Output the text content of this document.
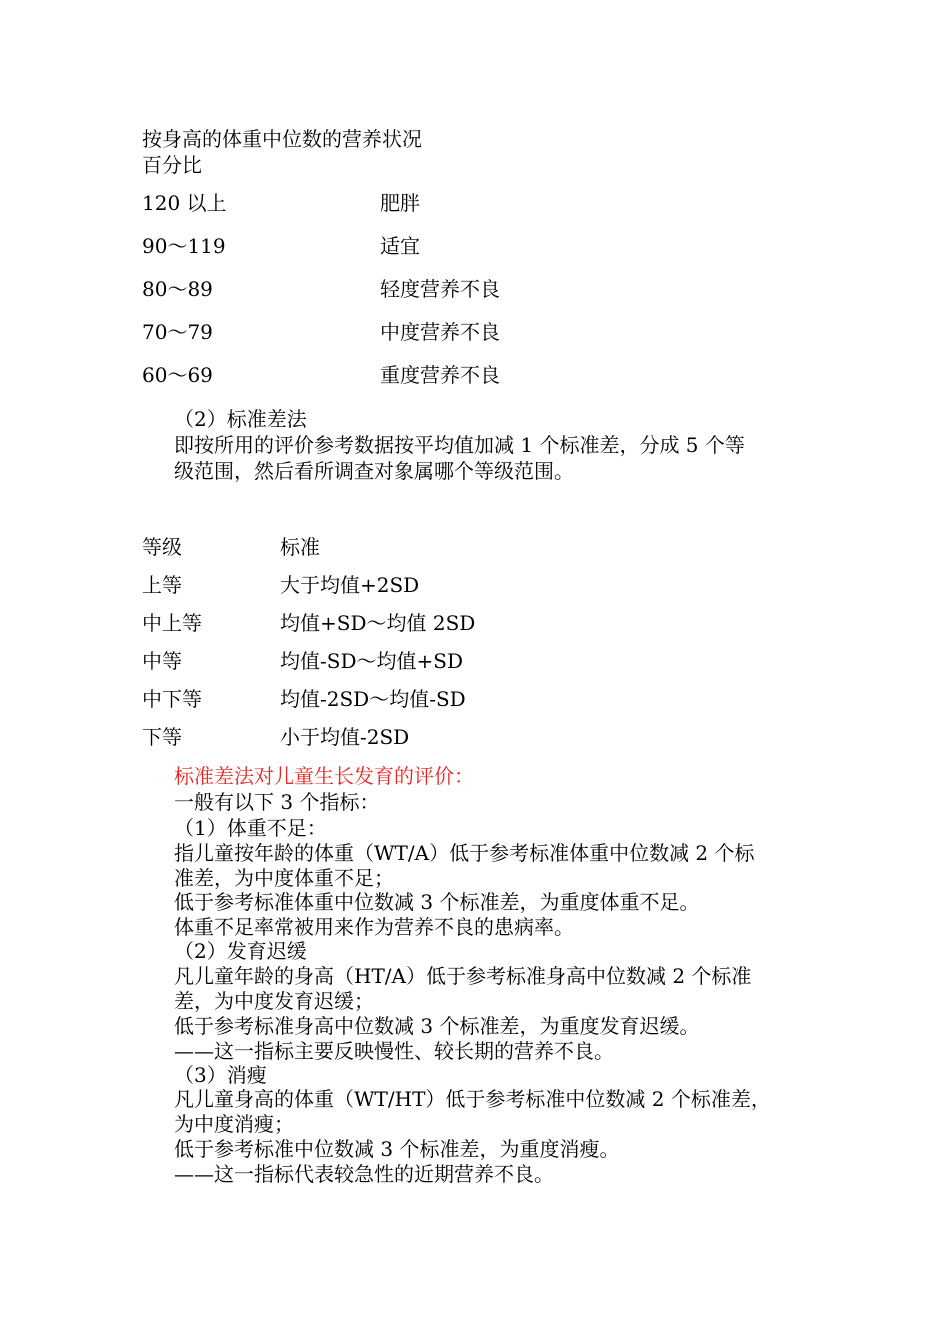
按身高的体重中位数的营养状况
百分比
120 以上	肥胖
90～119	适宜
80～89	轻度营养不良
70～79	中度营养不良
60～69	重度营养不良
（2）标准差法
即按所用的评价参考数据按平均值加减 1 个标准差，分成 5 个等
级范围，然后看所调查对象属哪个等级范围。
等级	标准
上等	大于均值+2SD
中上等	均值+SD～均值 2SD
中等	均值-SD～均值+SD
中下等	均值-2SD～均值-SD
下等	小于均值-2SD
标准差法对儿童生长发育的评价：
一般有以下 3 个指标：
（1）体重不足：
指儿童按年龄的体重（WT/A）低于参考标准体重中位数减 2 个标
准差，为中度体重不足；
低于参考标准体重中位数减 3 个标准差，为重度体重不足。
体重不足率常被用来作为营养不良的患病率。
（2）发育迟缓
凡儿童年龄的身高（HT/A）低于参考标准身高中位数减 2 个标准
差，为中度发育迟缓；
低于参考标准身高中位数减 3 个标准差，为重度发育迟缓。
——这一指标主要反映慢性、较长期的营养不良。
（3）消瘦
凡儿童身高的体重（WT/HT）低于参考标准中位数减 2 个标准差，
为中度消瘦；
低于参考标准中位数减 3 个标准差，为重度消瘦。
——这一指标代表较急性的近期营养不良。
